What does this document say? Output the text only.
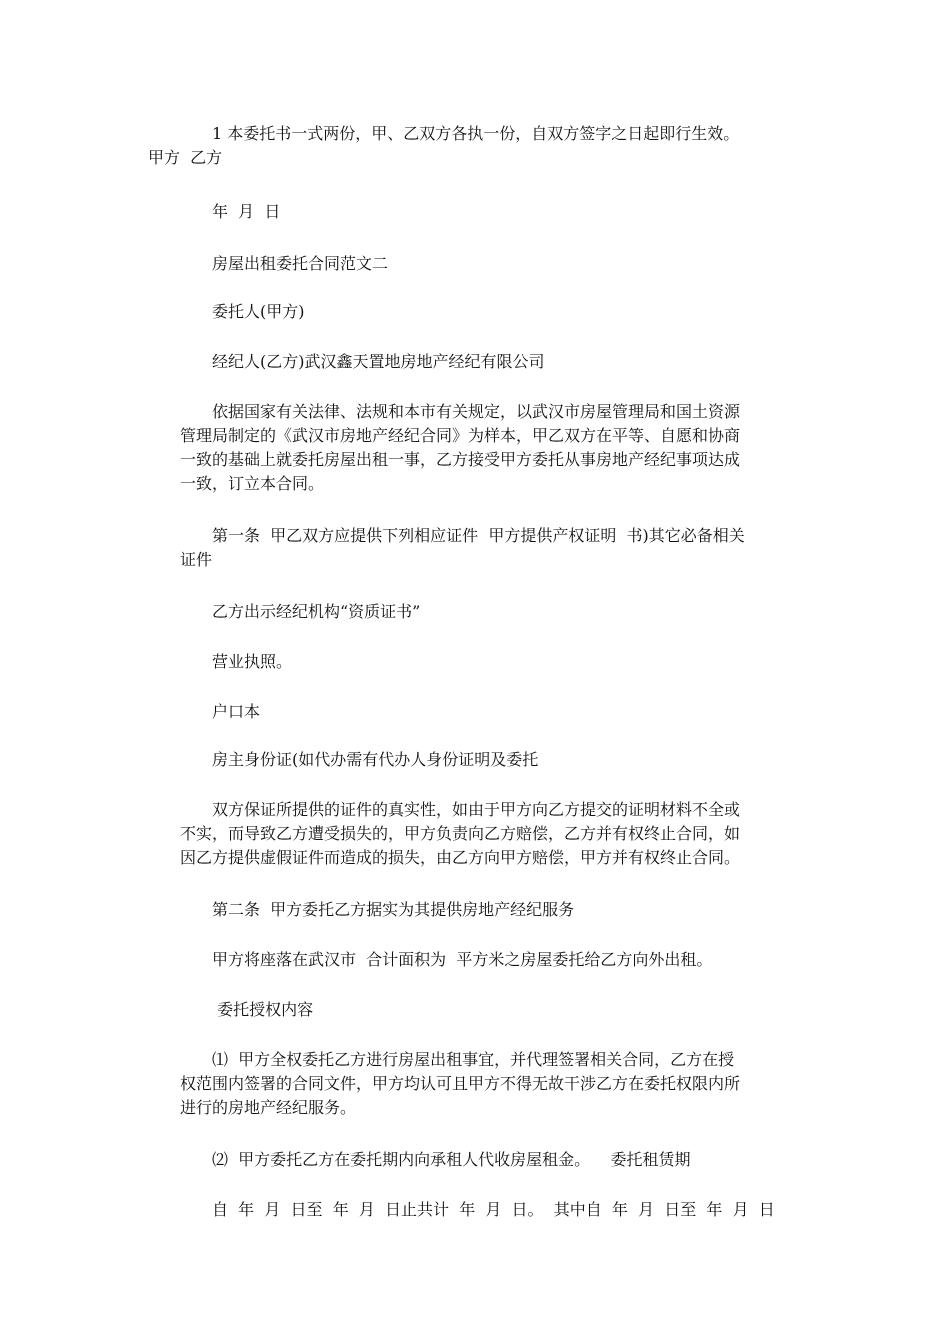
1 本委托书一式两份，甲、乙双方各执一份，自双方签字之日起即行生效。
甲方  乙方
年  月  日
房屋出租委托合同范文二
委托人(甲方)
经纪人(乙方)武汉鑫天置地房地产经纪有限公司
依据国家有关法律、法规和本市有关规定，以武汉市房屋管理局和国土资源
管理局制定的《武汉市房地产经纪合同》为样本，甲乙双方在平等、自愿和协商
一致的基础上就委托房屋出租一事，乙方接受甲方委托从事房地产经纪事项达成
一致，订立本合同。
第一条  甲乙双方应提供下列相应证件  甲方提供产权证明  书)其它必备相关
证件
乙方出示经纪机构“资质证书”
营业执照。
户口本
房主身份证(如代办需有代办人身份证明及委托
双方保证所提供的证件的真实性，如由于甲方向乙方提交的证明材料不全或
不实，而导致乙方遭受损失的，甲方负责向乙方赔偿，乙方并有权终止合同，如
因乙方提供虚假证件而造成的损失，由乙方向甲方赔偿，甲方并有权终止合同。
第二条  甲方委托乙方据实为其提供房地产经纪服务
甲方将座落在武汉市  合计面积为  平方米之房屋委托给乙方向外出租。
委托授权内容
⑴  甲方全权委托乙方进行房屋出租事宜，并代理签署相关合同，乙方在授
权范围内签署的合同文件，甲方均认可且甲方不得无故干涉乙方在委托权限内所
进行的房地产经纪服务。
⑵  甲方委托乙方在委托期内向承租人代收房屋租金。    委托租赁期
自  年  月  日至  年  月  日止共计  年  月  日。  其中自  年  月  日至  年  月  日
